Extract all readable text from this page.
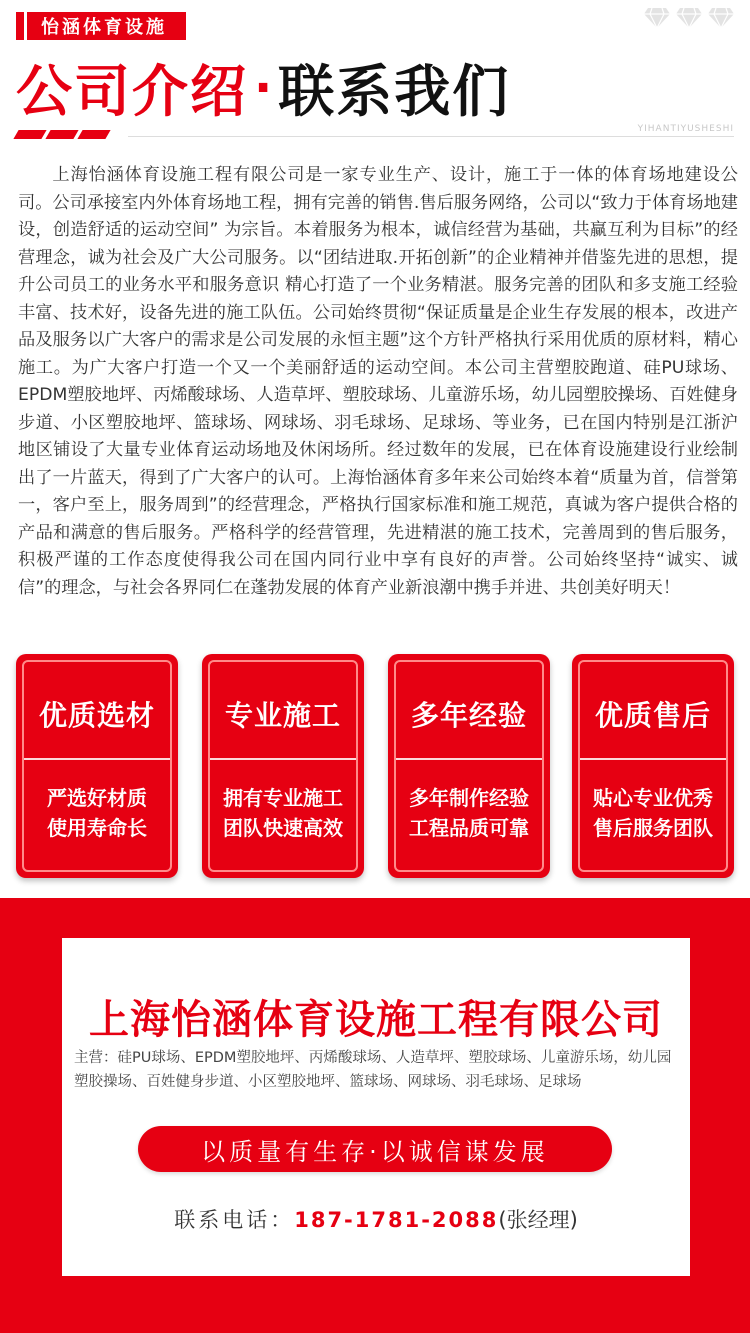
怡涵体育设施
公司介绍 · 联系我们
YIHANTIYUSHESHI

上海怡涵体育设施工程有限公司是一家专业生产、设计，施工于一体的体育场地建设公司。公司承接室内外体育场地工程，拥有完善的销售.售后服务网络，公司以“致力于体育场地建设，创造舒适的运动空间” 为宗旨。本着服务为根本，诚信经营为基础，共赢互利为目标”的经营理念，诚为社会及广大公司服务。以“团结进取.开拓创新”的企业精神并借鉴先进的思想，提升公司员工的业务水平和服务意识 精心打造了一个业务精湛。服务完善的团队和多支施工经验丰富、技术好，设备先进的施工队伍。公司始终贯彻“保证质量是企业生存发展的根本，改进产品及服务以广大客户的需求是公司发展的永恒主题”这个方针严格执行采用优质的原材料，精心施工。为广大客户打造一个又一个美丽舒适的运动空间。本公司主营塑胶跑道、硅PU球场、EPDM塑胶地坪、丙烯酸球场、人造草坪、塑胶球场、儿童游乐场，幼儿园塑胶操场、百姓健身步道、小区塑胶地坪、篮球场、网球场、羽毛球场、足球场、等业务，已在国内特别是江浙沪地区铺设了大量专业体育运动场地及休闲场所。经过数年的发展，已在体育设施建设行业绘制出了一片蓝天，得到了广大客户的认可。上海怡涵体育多年来公司始终本着“质量为首，信誉第一，客户至上，服务周到”的经营理念，严格执行国家标准和施工规范，真诚为客户提供合格的产品和满意的售后服务。严格科学的经营管理，先进精湛的施工技术，完善周到的售后服务，积极严谨的工作态度使得我公司在国内同行业中享有良好的声誉。公司始终坚持“诚实、诚信”的理念，与社会各界同仁在蓬勃发展的体育产业新浪潮中携手并进、共创美好明天！

优质选材
严选好材质
使用寿命长
专业施工
拥有专业施工
团队快速高效
多年经验
多年制作经验
工程品质可靠
优质售后
贴心专业优秀
售后服务团队
上海怡涵体育设施工程有限公司

主营：硅PU球场、EPDM塑胶地坪、丙烯酸球场、人造草坪、塑胶球场、儿童游乐场，幼儿园塑胶操场、百姓健身步道、小区塑胶地坪、篮球场、网球场、羽毛球场、足球场

以质量有生存·以诚信谋发展
联系电话：187-1781-2088(张经理)
